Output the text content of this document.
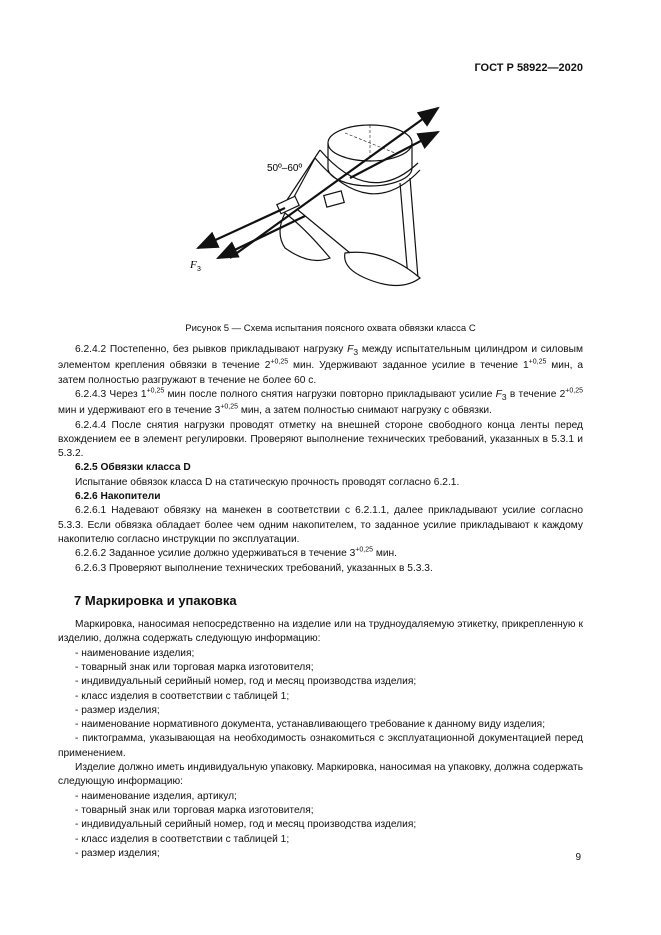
ГОСТ Р 58922—2020
50º–60º
F 3
Рисунок 5 — Схема испытания поясного охвата обвязки класса С

6.2.4.2 Постепенно, без рывков прикладывают нагрузку $F_3$ между испытательным цилиндром и силовым элементом крепления обвязки в течение $2^{+0,25}$ мин. Удерживают заданное усилие в течение $1^{+0,25}$ мин, а затем полностью разгружают в течение не более 60 с.

6.2.4.3 Через $1^{+0,25}$ мин после полного снятия нагрузки повторно прикладывают усилие $F_3$ в течение $2^{+0,25}$ мин и удерживают его в течение $3^{+0,25}$ мин, а затем полностью снимают нагрузку с обвязки.

6.2.4.4 После снятия нагрузки проводят отметку на внешней стороне свободного конца ленты перед вхождением ее в элемент регулировки. Проверяют выполнение технических требований, указанных в 5.3.1 и 5.3.2.

6.2.5 Обвязки класса D

Испытание обвязок класса D на статическую прочность проводят согласно 6.2.1.

6.2.6 Накопители

6.2.6.1 Надевают обвязку на манекен в соответствии с 6.2.1.1, далее прикладывают усилие согласно 5.3.3. Если обвязка обладает более чем одним накопителем, то заданное усилие прикладывают к каждому накопителю согласно инструкции по эксплуатации.

6.2.6.2 Заданное усилие должно удерживаться в течение $3^{+0,25}$ мин.

6.2.6.3 Проверяют выполнение технических требований, указанных в 5.3.3.

7 Маркировка и упаковка

Маркировка, наносимая непосредственно на изделие или на трудноудаляемую этикетку, прикрепленную к изделию, должна содержать следующую информацию:

- наименование изделия;

- товарный знак или торговая марка изготовителя;

- индивидуальный серийный номер, год и месяц производства изделия;

- класс изделия в соответствии с таблицей 1;

- размер изделия;

- наименование нормативного документа, устанавливающего требование к данному виду изделия;

- пиктограмма, указывающая на необходимость ознакомиться с эксплуатационной документацией перед применением.

Изделие должно иметь индивидуальную упаковку. Маркировка, наносимая на упаковку, должна содержать следующую информацию:

- наименование изделия, артикул;

- товарный знак или торговая марка изготовителя;

- индивидуальный серийный номер, год и месяц производства изделия;

- класс изделия в соответствии с таблицей 1;

- размер изделия;	9
